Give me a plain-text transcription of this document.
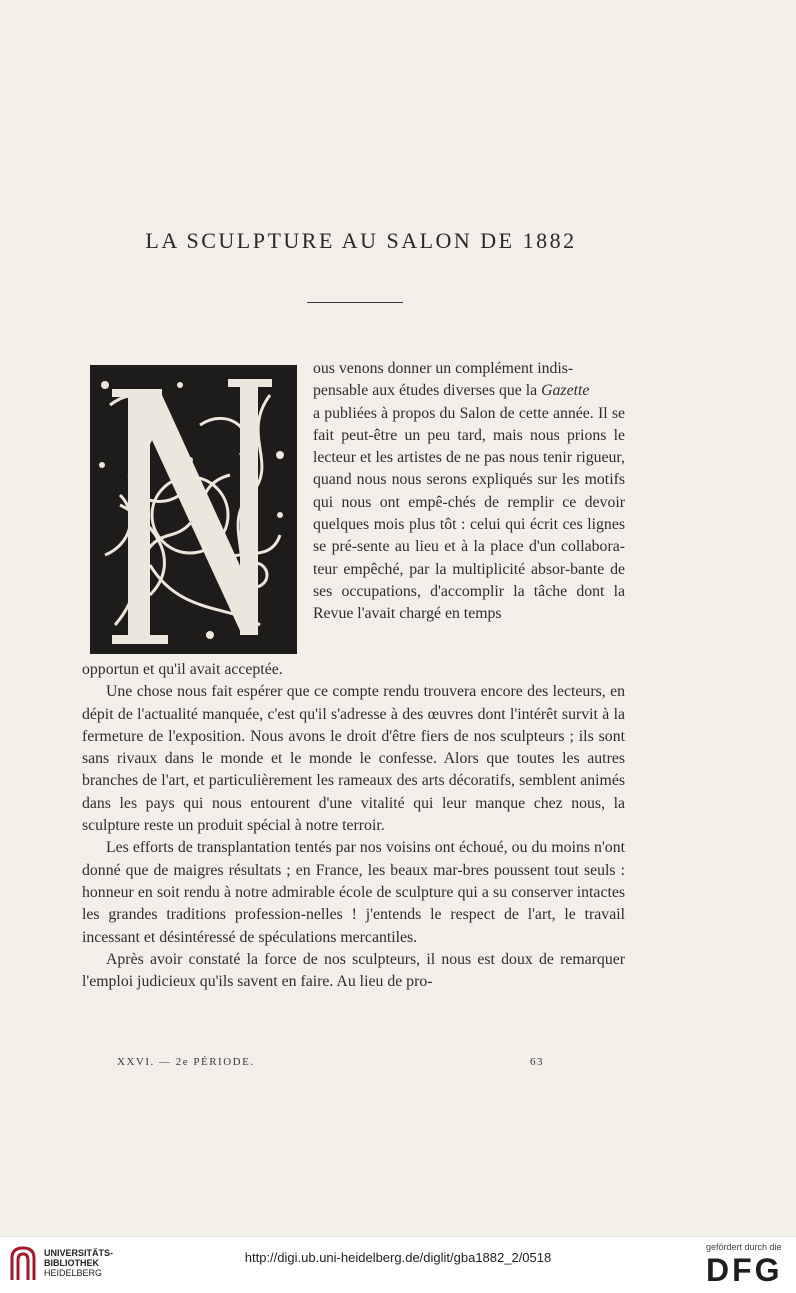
LA SCULPTURE AU SALON DE 1882

ous venons donner un complément indis-

pensable aux études diverses que la Gazette

a publiées à propos du Salon de cette année. Il se fait peut-être un peu tard, mais nous prions le lecteur et les artistes de ne pas nous tenir rigueur, quand nous nous serons expliqués sur les motifs qui nous ont empê-chés de remplir ce devoir quelques mois plus tôt : celui qui écrit ces lignes se pré-sente au lieu et à la place d'un collabora-teur empêché, par la multiplicité absor-bante de ses occupations, d'accomplir la tâche dont la Revue l'avait chargé en temps

opportun et qu'il avait acceptée.

Une chose nous fait espérer que ce compte rendu trouvera encore des lecteurs, en dépit de l'actualité manquée, c'est qu'il s'adresse à des œuvres dont l'intérêt survit à la fermeture de l'exposition. Nous avons le droit d'être fiers de nos sculpteurs ; ils sont sans rivaux dans le monde et le monde le confesse. Alors que toutes les autres branches de l'art, et particulièrement les rameaux des arts décoratifs, semblent animés dans les pays qui nous entourent d'une vitalité qui leur manque chez nous, la sculpture reste un produit spécial à notre terroir.

Les efforts de transplantation tentés par nos voisins ont échoué, ou du moins n'ont donné que de maigres résultats ; en France, les beaux mar-bres poussent tout seuls : honneur en soit rendu à notre admirable école de sculpture qui a su conserver intactes les grandes traditions profession-nelles ! j'entends le respect de l'art, le travail incessant et désintéressé de spéculations mercantiles.

Après avoir constaté la force de nos sculpteurs, il nous est doux de remarquer l'emploi judicieux qu'ils savent en faire. Au lieu de pro-

XXVI. — 2e PÉRIODE.	63
UNIVERSITÄTS-
BIBLIOTHEK
HEIDELBERG
http://digi.ub.uni-heidelberg.de/diglit/gba1882_2/0518
gefördert durch die
DFG
